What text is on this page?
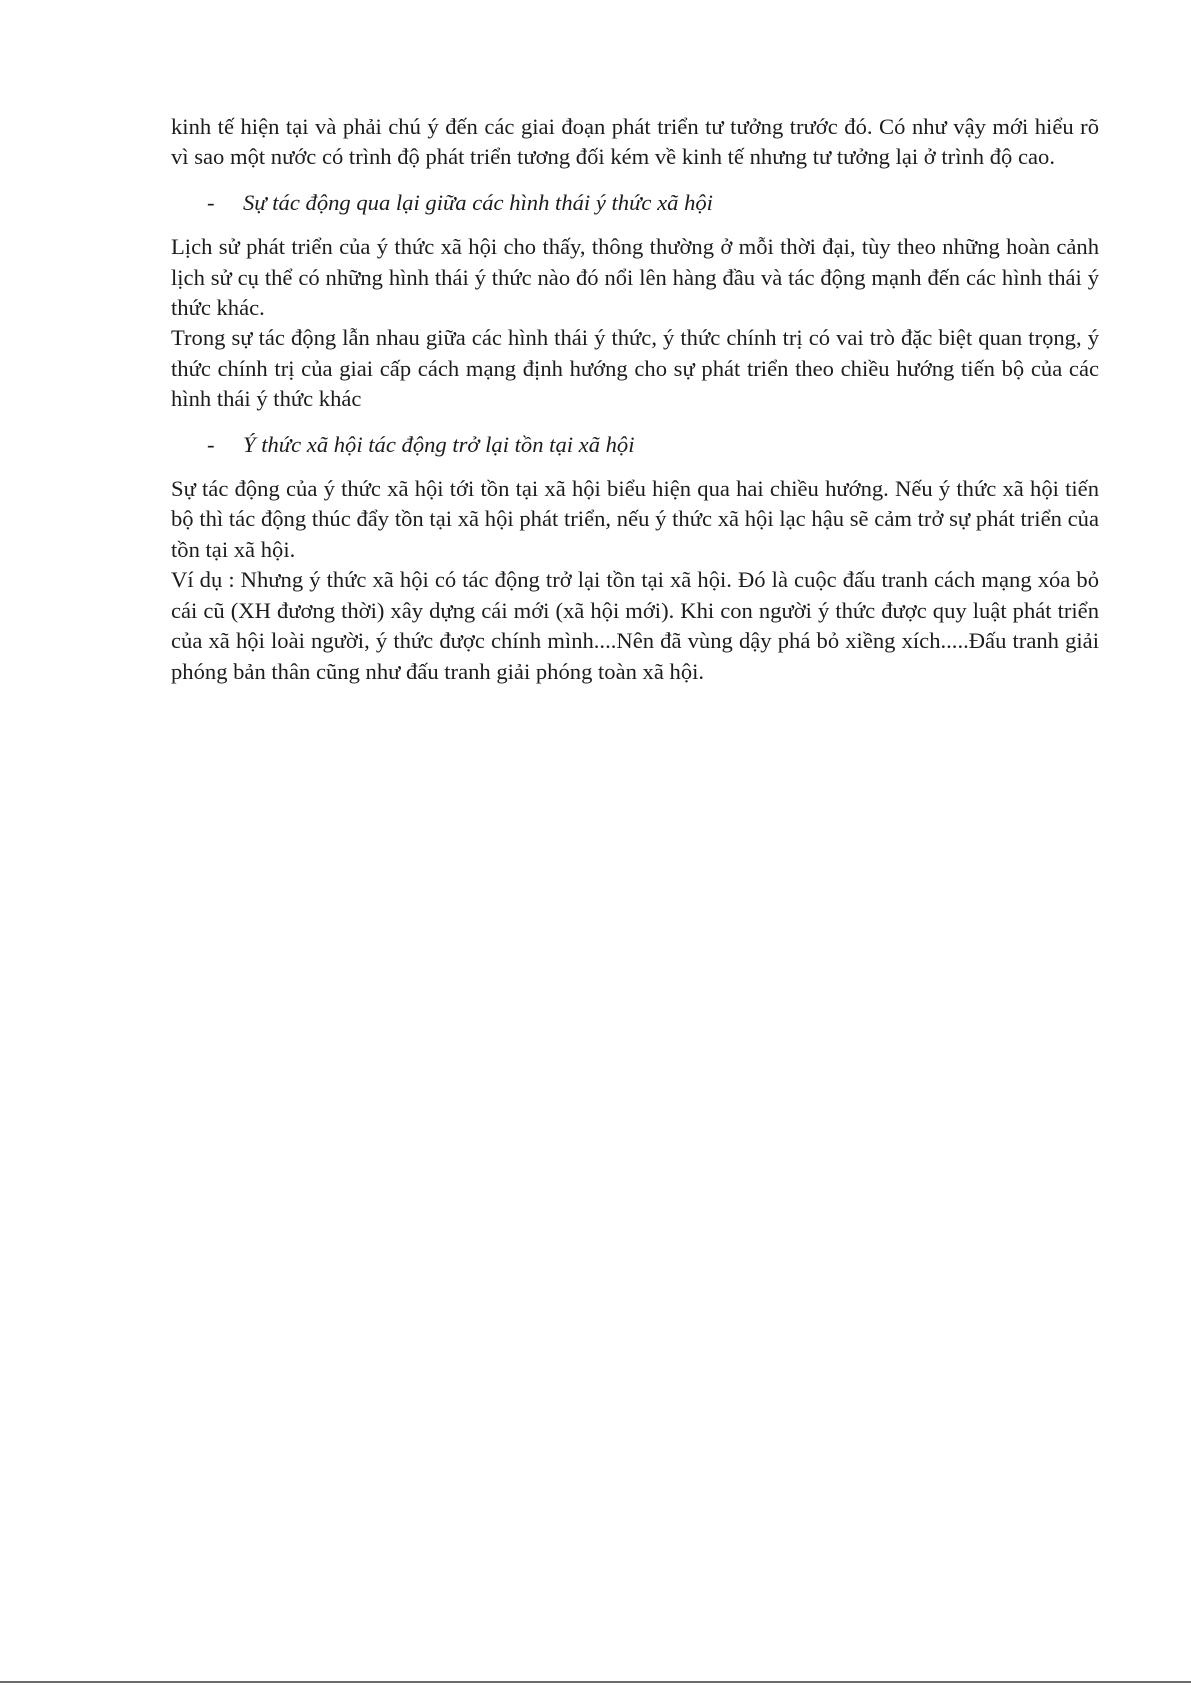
kinh tế hiện tại và phải chú ý đến các giai đoạn phát triển tư tưởng trước đó. Có như vậy mới hiểu rõ vì sao một nước có trình độ phát triển tương đối kém về kinh tế nhưng tư tưởng lại ở trình độ cao.

-	Sự tác động qua lại giữa các hình thái ý thức xã hội

Lịch sử phát triển của ý thức xã hội cho thấy, thông thường ở mỗi thời đại, tùy theo những hoàn cảnh lịch sử cụ thể có những hình thái ý thức nào đó nổi lên hàng đầu và tác động mạnh đến các hình thái ý thức khác.

Trong sự tác động lẫn nhau giữa các hình thái ý thức, ý thức chính trị có vai trò đặc biệt quan trọng, ý thức chính trị của giai cấp cách mạng định hướng cho sự phát triển theo chiều hướng tiến bộ của các hình thái ý thức khác

-	Ý thức xã hội tác động trở lại tồn tại xã hội

Sự tác động của ý thức xã hội tới tồn tại xã hội biểu hiện qua hai chiều hướng. Nếu ý thức xã hội tiến bộ thì tác động thúc đẩy tồn tại xã hội phát triển, nếu ý thức xã hội lạc hậu sẽ cảm trở sự phát triển của tồn tại xã hội.

Ví dụ : Nhưng ý thức xã hội có tác động trở lại tồn tại xã hội. Đó là cuộc đấu tranh cách mạng xóa bỏ cái cũ (XH đương thời) xây dựng cái mới (xã hội mới). Khi con người ý thức được quy luật phát triển của xã hội loài người, ý thức được chính mình....Nên đã vùng dậy phá bỏ xiềng xích.....Đấu tranh giải phóng bản thân cũng như đấu tranh giải phóng toàn xã hội.
